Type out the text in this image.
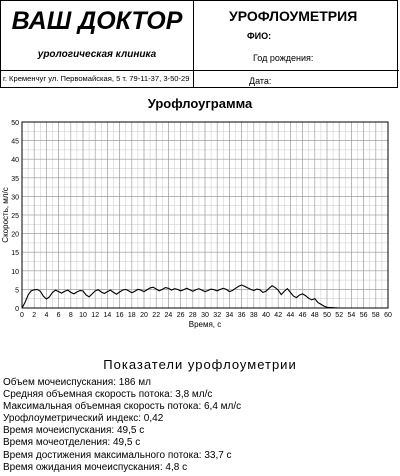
ВАШ ДОКТОР
урологическая клиника
г. Кременчуг ул. Первомайская, 5 т. 79-11-37, 3-50-29
УРОФЛОУМЕТРИЯ
ФИО:
Год рождения:
Дата:
Урофлоуграмма
0
5
10
15
20
25
30
35
40
45
50
0 2 4 6 8 10 12 14 16 18 20 22 24 26 28 30 32 34 36 38 40 42 44 46 48 50 52 54 56 58 60
Время, с
Скорость, мл/с
Показатели урофлоуметрии
Объем мочеиспускания: 186 мл
Средняя объемная скорость потока: 3,8 мл/с
Максимальная объемная скорость потока: 6,4 мл/с
Урофлоуметрический индекс: 0,42
Время мочеиспускания: 49,5 с
Время мочеотделения: 49,5 с
Время достижения максимального потока: 33,7 с
Время ожидания мочеиспускания: 4,8 с
